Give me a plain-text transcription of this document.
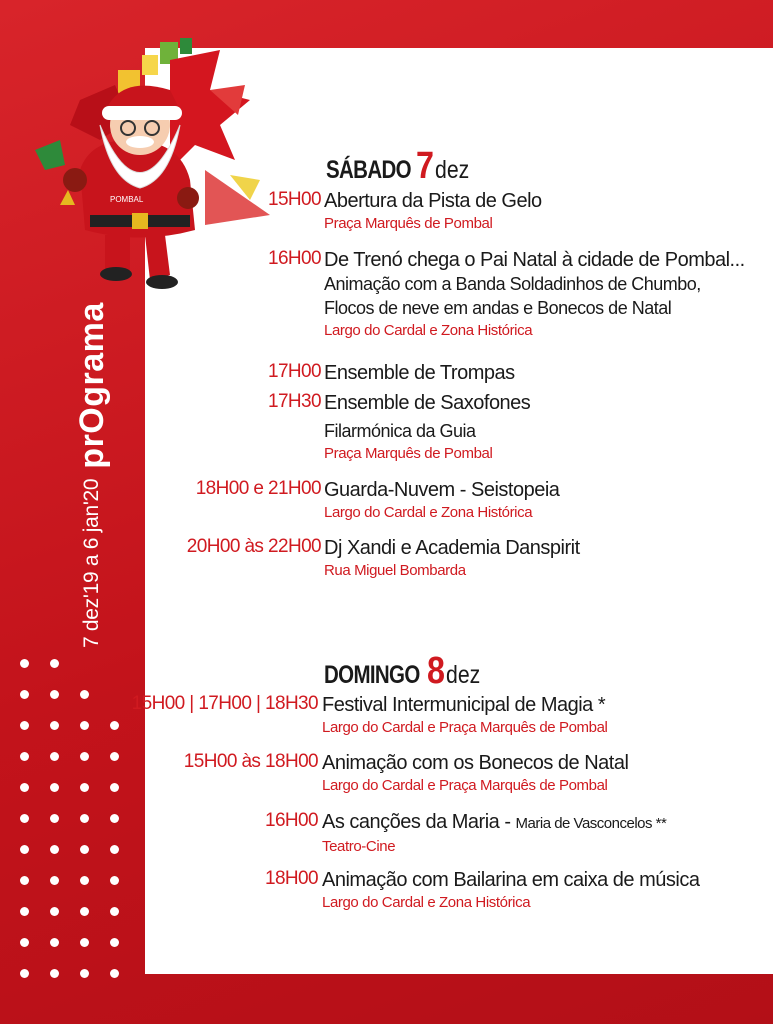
POMBAL
7 dez'19 a 6 jan'20
prOgrama
SÁBADO 7 dez
15H00 Abertura da Pista de Gelo
Praça Marquês de Pombal
16H00 De Trenó chega o Pai Natal à cidade de Pombal...
Animação com a Banda Soldadinhos de Chumbo,
Flocos de neve em andas e Bonecos de Natal
Largo do Cardal e Zona Histórica
17H00 Ensemble de Trompas
17H30 Ensemble de Saxofones
Filarmónica da Guia
Praça Marquês de Pombal
18H00 e 21H00 Guarda-Nuvem - Seistopeia
Largo do Cardal e Zona Histórica
20H00 às 22H00 Dj Xandi e Academia Danspirit
Rua Miguel Bombarda
DOMINGO 8 dez
15H00 | 17H00 | 18H30 Festival Intermunicipal de Magia *
Largo do Cardal e Praça Marquês de Pombal
15H00 às 18H00 Animação com os Bonecos de Natal
Largo do Cardal e Praça Marquês de Pombal
16H00 As canções da Maria - Maria de Vasconcelos **
Teatro-Cine
18H00 Animação com Bailarina em caixa de música
Largo do Cardal e Zona Histórica
